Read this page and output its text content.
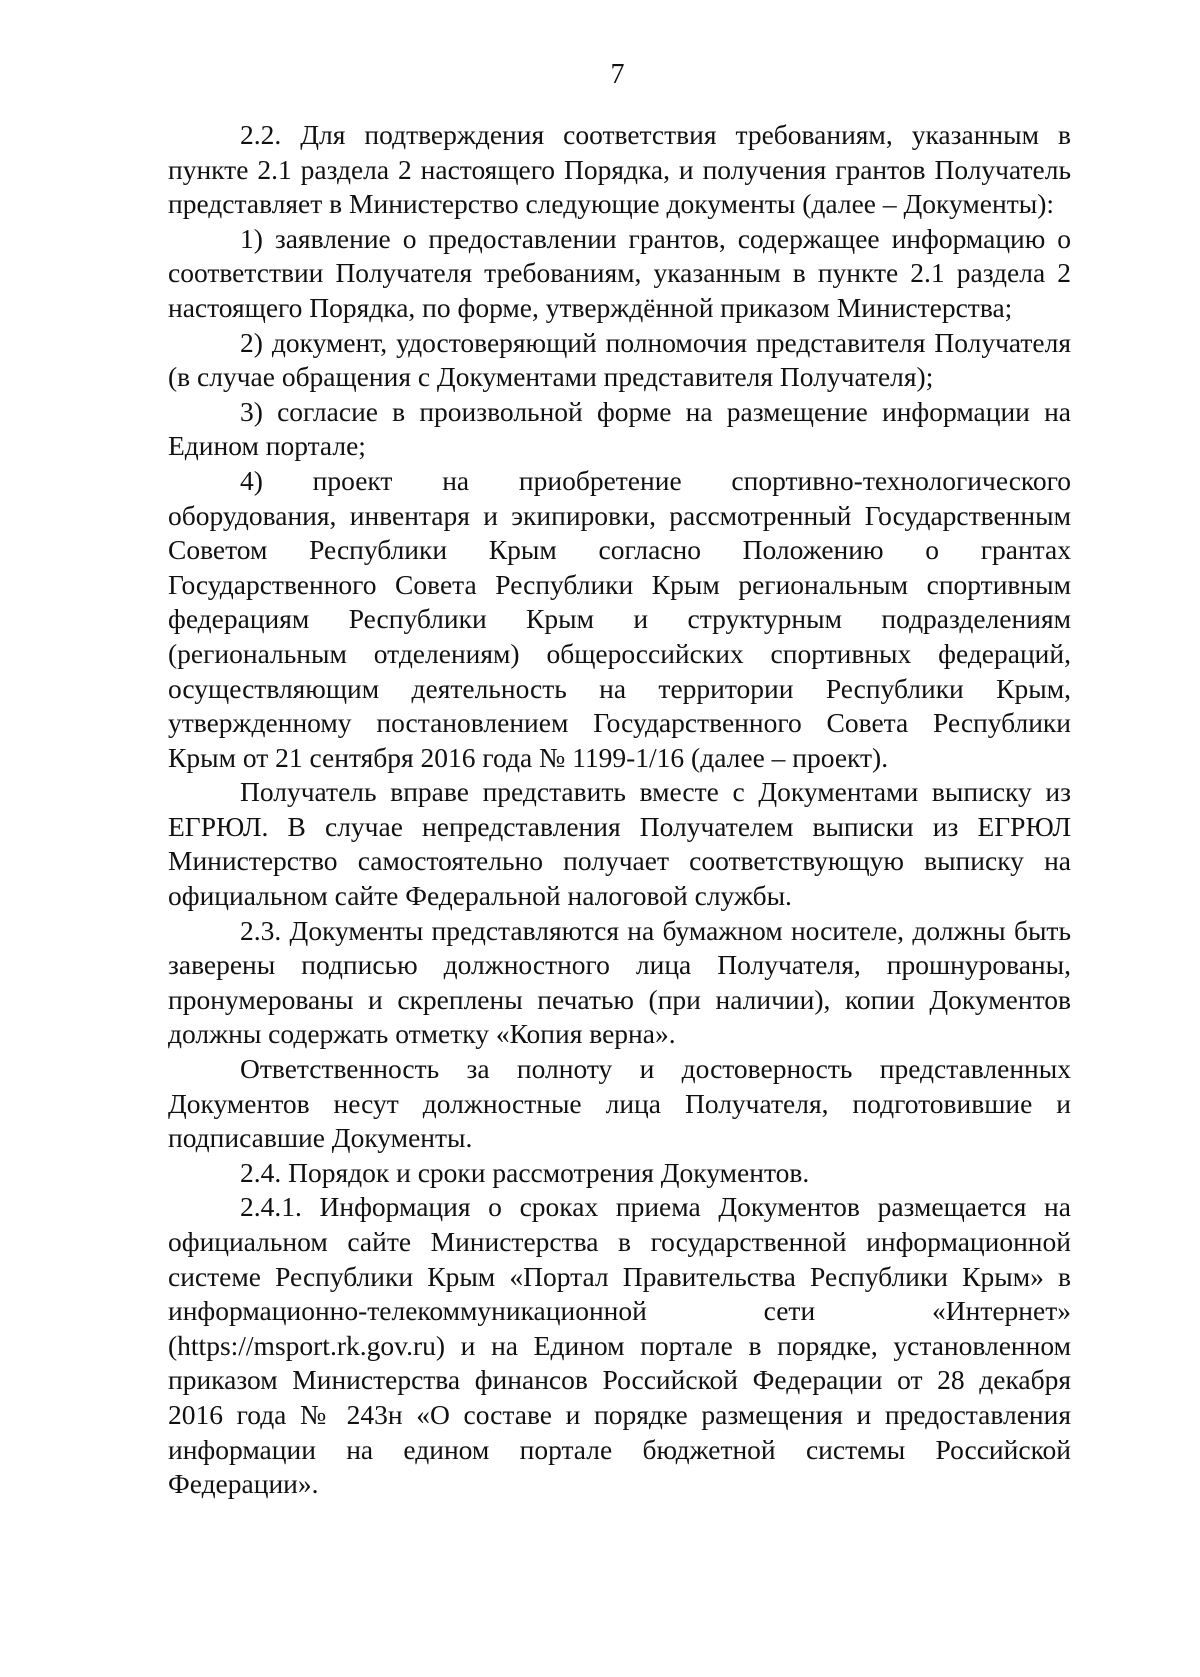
7

2.2. Для подтверждения соответствия требованиям, указанным в пункте 2.1 раздела 2 настоящего Порядка, и получения грантов Получатель представляет в Министерство следующие документы (далее – Документы):

1) заявление о предоставлении грантов, содержащее информацию о соответствии Получателя требованиям, указанным в пункте 2.1 раздела 2 настоящего Порядка, по форме, утверждённой приказом Министерства;

2) документ, удостоверяющий полномочия представителя Получателя (в случае обращения с Документами представителя Получателя);

3) согласие в произвольной форме на размещение информации на Едином портале;

4) проект на приобретение спортивно-технологического оборудования, инвентаря и экипировки, рассмотренный Государственным Советом Республики Крым согласно Положению о грантах Государственного Совета Республики Крым региональным спортивным федерациям Республики Крым и структурным подразделениям (региональным отделениям) общероссийских спортивных федераций, осуществляющим деятельность на территории Республики Крым, утвержденному постановлением Государственного Совета Республики Крым от 21 сентября 2016 года № 1199-1/16 (далее – проект).

Получатель вправе представить вместе с Документами выписку из ЕГРЮЛ. В случае непредставления Получателем выписки из ЕГРЮЛ Министерство самостоятельно получает соответствующую выписку на официальном сайте Федеральной налоговой службы.

2.3. Документы представляются на бумажном носителе, должны быть заверены подписью должностного лица Получателя, прошнурованы, пронумерованы и скреплены печатью (при наличии), копии Документов должны содержать отметку «Копия верна».

Ответственность за полноту и достоверность представленных Документов несут должностные лица Получателя, подготовившие и подписавшие Документы.

2.4. Порядок и сроки рассмотрения Документов.

2.4.1. Информация о сроках приема Документов размещается на официальном сайте Министерства в государственной информационной системе Республики Крым «Портал Правительства Республики Крым» в информационно-телекоммуникационной сети «Интернет» (https://msport.rk.gov.ru) и на Едином портале в порядке, установленном приказом Министерства финансов Российской Федерации от 28 декабря 2016 года № 243н «О составе и порядке размещения и предоставления информации на едином портале бюджетной системы Российской Федерации».
